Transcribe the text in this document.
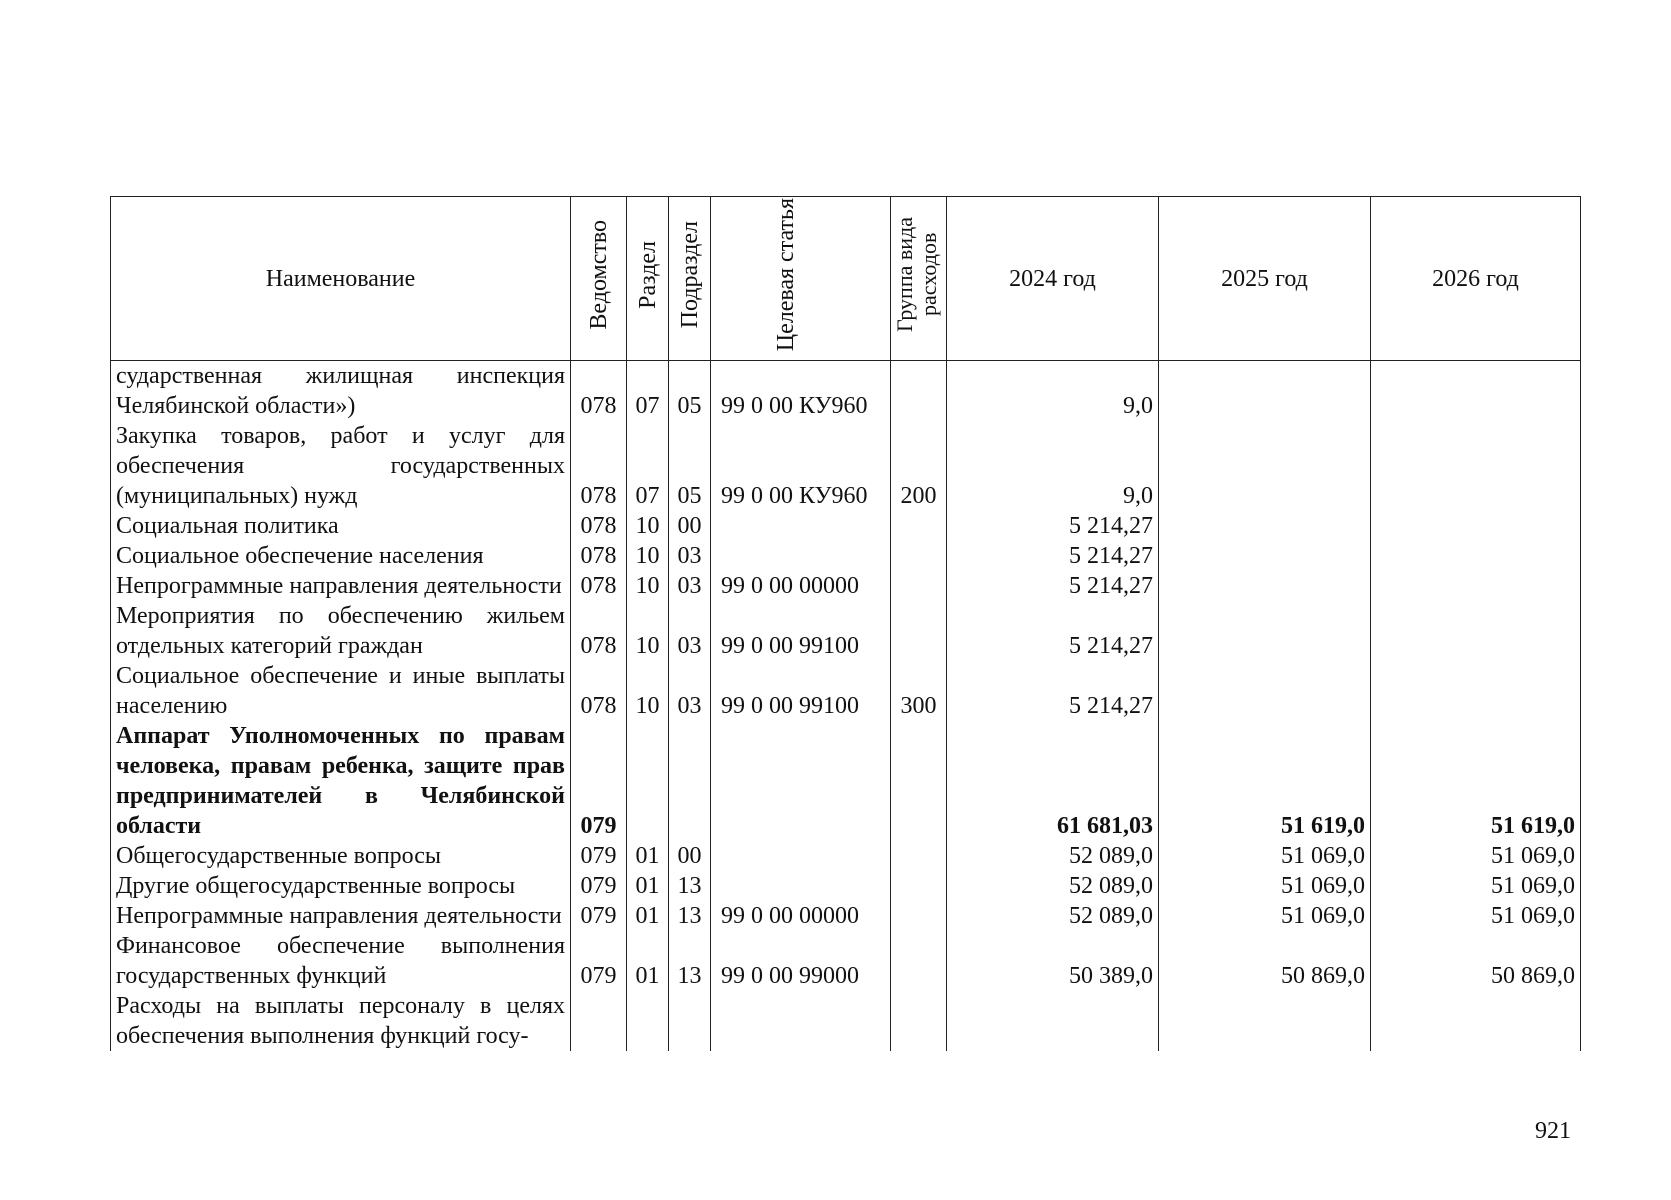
Наименование	Ведомство	Раздел	Подраздел	Целевая статья	Группа вида расходов	2024 год	2025 год	2026 год
сударственная жилищная инспекция Челябинской области»)	078	07	05	99 0 00 КУ960		9,0		
Закупка товаров, работ и услуг для обеспечения государственных (муниципальных) нужд	078	07	05	99 0 00 КУ960	200	9,0		
Социальная политика	078	10	00			5 214,27		
Социальное обеспечение населения	078	10	03			5 214,27		
Непрограммные направления деятельности	078	10	03	99 0 00 00000		5 214,27		
Мероприятия по обеспечению жильем отдельных категорий граждан	078	10	03	99 0 00 99100		5 214,27		
Социальное обеспечение и иные выплаты населению	078	10	03	99 0 00 99100	300	5 214,27		
Аппарат Уполномоченных по правам человека, правам ребенка, защите прав предпринимателей в Челябинской области	079					61 681,03	51 619,0	51 619,0
Общегосударственные вопросы	079	01	00			52 089,0	51 069,0	51 069,0
Другие общегосударственные вопросы	079	01	13			52 089,0	51 069,0	51 069,0
Непрограммные направления деятельности	079	01	13	99 0 00 00000		52 089,0	51 069,0	51 069,0
Финансовое обеспечение выполнения государственных функций	079	01	13	99 0 00 99000		50 389,0	50 869,0	50 869,0
Расходы на выплаты персоналу в целях обеспечения выполнения функций госу-								
921
